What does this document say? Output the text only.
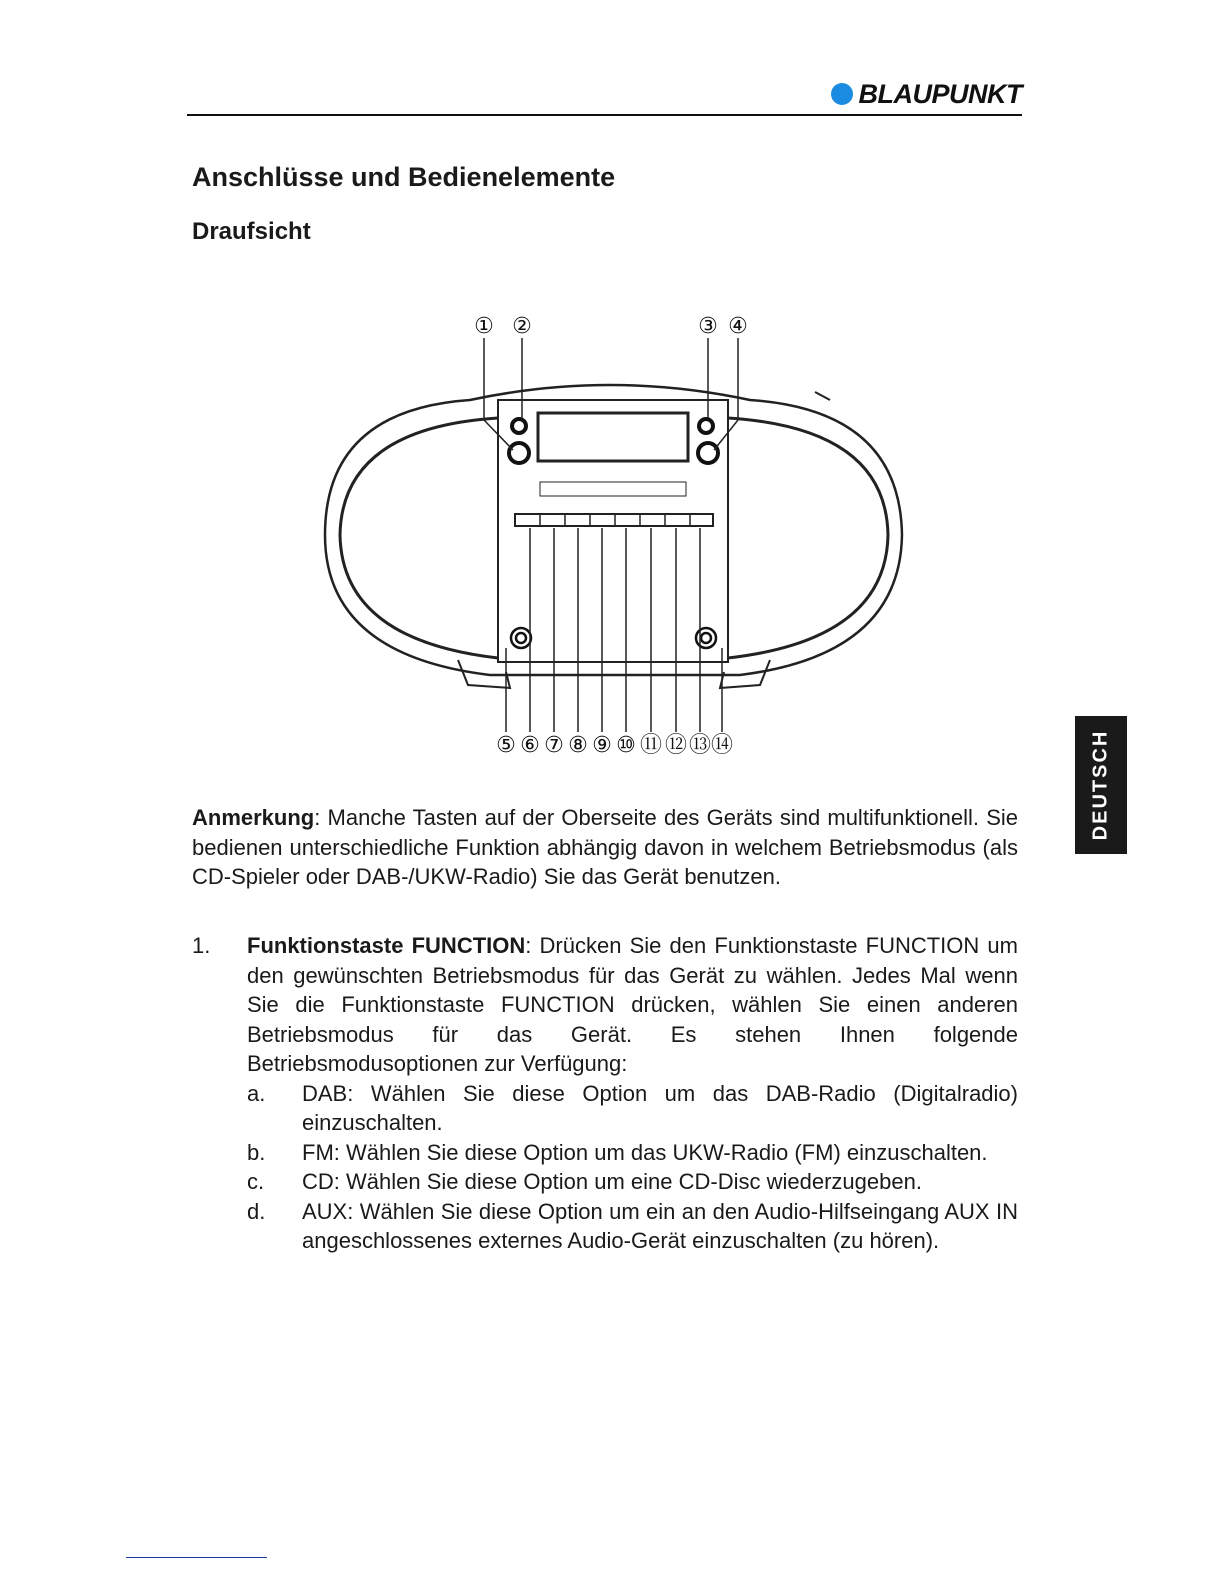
BLAUPUNKT
Anschlüsse und Bedienelemente
Draufsicht
① ②	③ ④
⑤ ⑥ ⑦ ⑧ ⑨ ⑩ ⑪ ⑫ ⑬ ⑭	DEUTSCH

Anmerkung: Manche Tasten auf der Oberseite des Geräts sind multifunktionell. Sie bedienen unterschiedliche Funktion abhängig davon in welchem Betriebsmodus (als CD-Spieler oder DAB-/UKW-Radio) Sie das Gerät benutzen.

1. Funktionstaste FUNCTION: Drücken Sie den Funktionstaste FUNCTION um den gewünschten Betriebsmodus für das Gerät zu wählen. Jedes Mal wenn Sie die Funktionstaste FUNCTION drücken, wählen Sie einen anderen Betriebsmodus für das Gerät. Es stehen Ihnen folgende Betriebsmodusoptionen zur Verfügung:

a. DAB: Wählen Sie diese Option um das DAB-Radio (Digitalradio) einzuschalten.
b. FM: Wählen Sie diese Option um das UKW-Radio (FM) einzuschalten.
c. CD: Wählen Sie diese Option um eine CD-Disc wiederzugeben.
d. AUX: Wählen Sie diese Option um ein an den Audio-Hilfseingang AUX IN angeschlossenes externes Audio-Gerät einzuschalten (zu hören).
